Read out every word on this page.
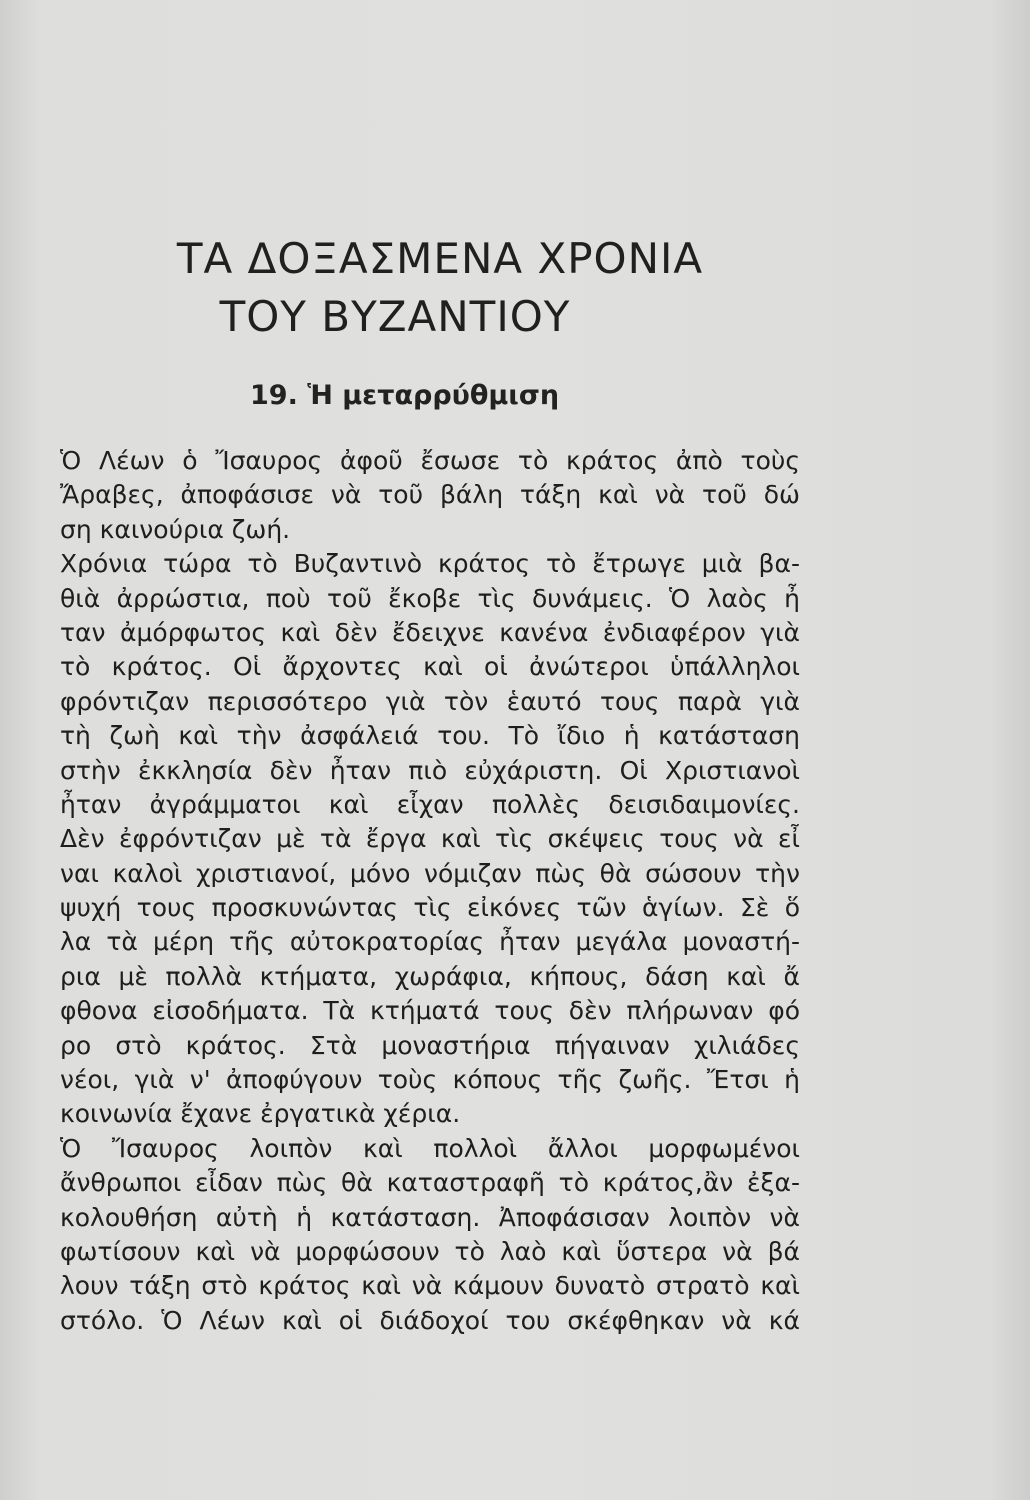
ΤΑ ΔΟΞΑΣΜΕΝΑ ΧΡΟΝΙΑ
ΤΟΥ ΒΥΖΑΝΤΙΟΥ
19. Ἡ μεταρρύθμιση
Ὁ Λέων ὁ Ἴσαυρος ἀφοῦ ἔσωσε τὸ κράτος ἀπὸ τοὺς
Ἄραβες, ἀποφάσισε νὰ τοῦ βάλη τάξη καὶ νὰ τοῦ δώ
ση καινούρια ζωή.
Χρόνια τώρα τὸ Βυζαντινὸ κράτος τὸ ἔτρωγε μιὰ βα-
θιὰ ἀρρώστια, ποὺ τοῦ ἔκοβε τὶς δυνάμεις. Ὁ λαὸς ἦ
ταν ἀμόρφωτος καὶ δὲν ἔδειχνε κανένα ἐνδιαφέρον γιὰ
τὸ κράτος. Οἱ ἄρχοντες καὶ οἱ ἀνώτεροι ὑπάλληλοι
φρόντιζαν περισσότερο γιὰ τὸν ἑαυτό τους παρὰ γιὰ
τὴ ζωὴ καὶ τὴν ἀσφάλειά του. Τὸ ἴδιο ἡ κατάσταση
στὴν ἐκκλησία δὲν ἦταν πιὸ εὐχάριστη. Οἱ Χριστιανοὶ
ἦταν ἀγράμματοι καὶ εἶχαν πολλὲς δεισιδαιμονίες.
Δὲν ἐφρόντιζαν μὲ τὰ ἔργα καὶ τὶς σκέψεις τους νὰ εἶ
ναι καλοὶ χριστιανοί, μόνο νόμιζαν πὼς θὰ σώσουν τὴν
ψυχή τους προσκυνώντας τὶς εἰκόνες τῶν ἁγίων. Σὲ ὅ
λα τὰ μέρη τῆς αὐτοκρατορίας ἦταν μεγάλα μοναστή-
ρια μὲ πολλὰ κτήματα, χωράφια, κήπους, δάση καὶ ἄ
φθονα εἰσοδήματα. Τὰ κτήματά τους δὲν πλήρωναν φό
ρο στὸ κράτος. Στὰ μοναστήρια πήγαιναν χιλιάδες
νέοι, γιὰ ν' ἀποφύγουν τοὺς κόπους τῆς ζωῆς. Ἔτσι ἡ
κοινωνία ἔχανε ἐργατικὰ χέρια.
Ὁ Ἴσαυρος λοιπὸν καὶ πολλοὶ ἄλλοι μορφωμένοι
ἄνθρωποι εἶδαν πὼς θὰ καταστραφῆ τὸ κράτος,ἂν ἐξα-
κολουθήση αὐτὴ ἡ κατάσταση. Ἀποφάσισαν λοιπὸν νὰ
φωτίσουν καὶ νὰ μορφώσουν τὸ λαὸ καὶ ὕστερα νὰ βά
λουν τάξη στὸ κράτος καὶ νὰ κάμουν δυνατὸ στρατὸ καὶ
στόλο. Ὁ Λέων καὶ οἱ διάδοχοί του σκέφθηκαν νὰ κά
